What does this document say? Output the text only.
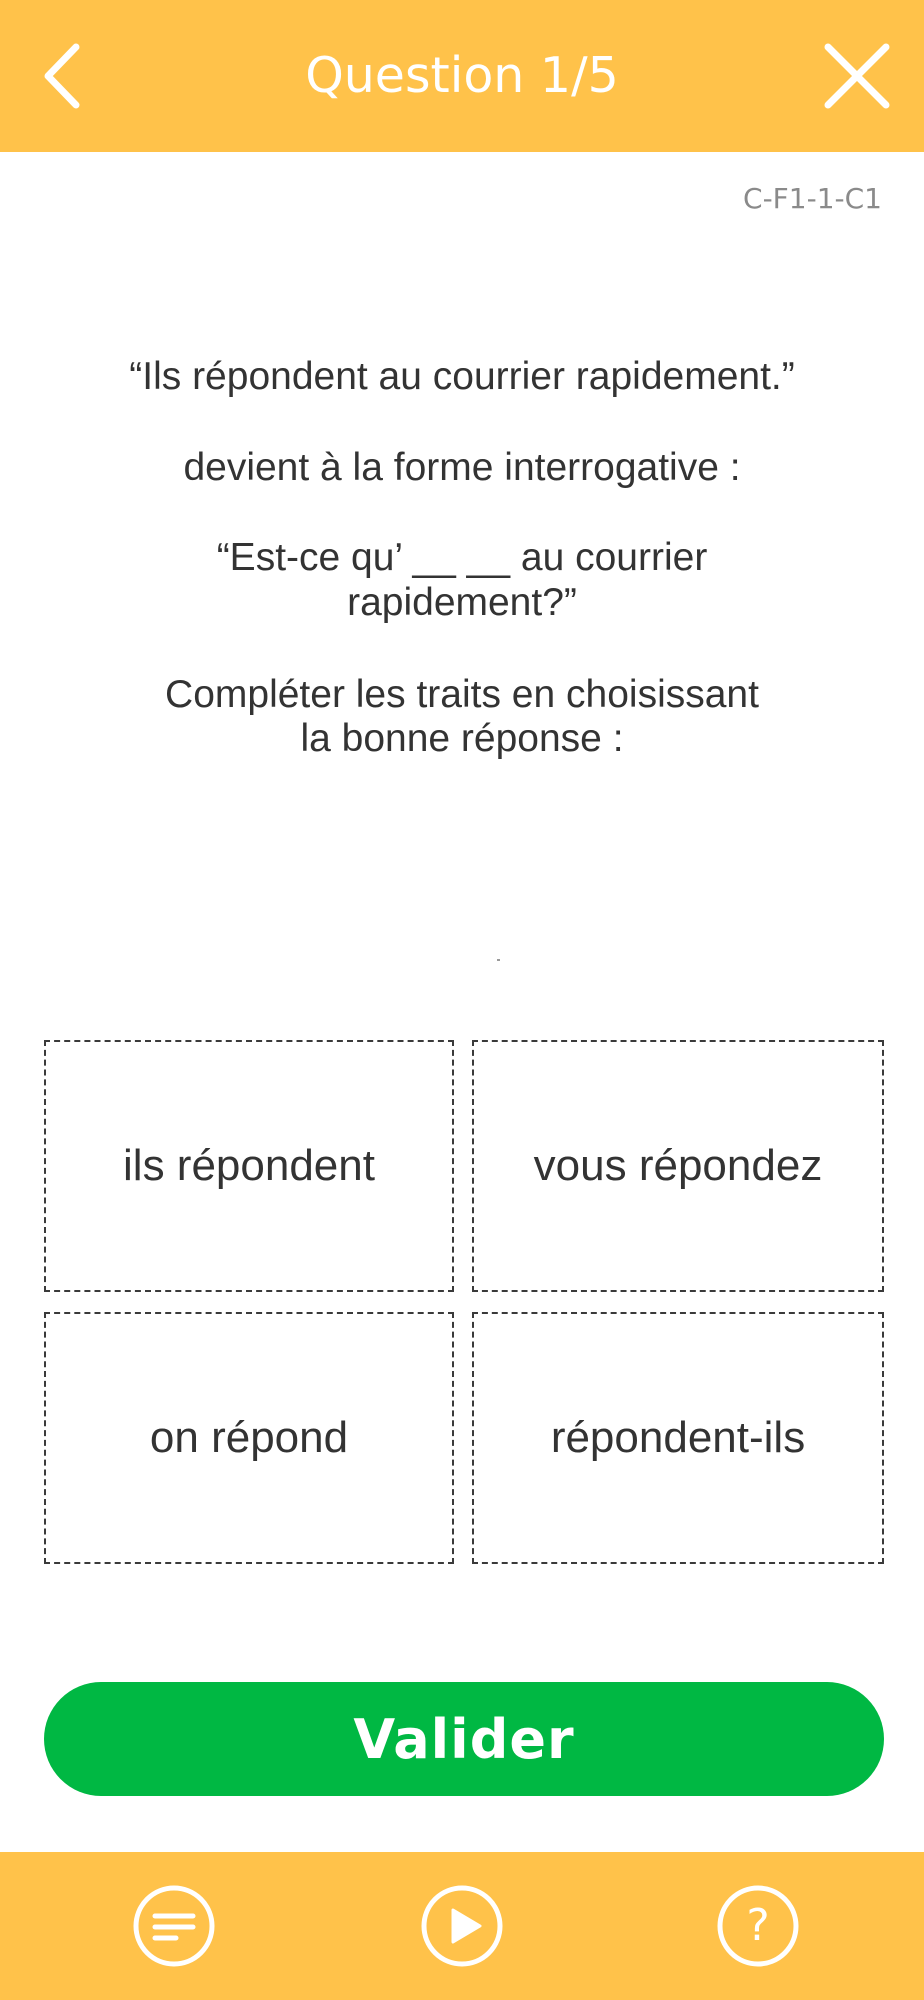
Question 1/5
C-F1-1-C1
“Ils répondent au courrier rapidement.”
devient à la forme interrogative :
“Est-ce qu’ __ __ au courrier
rapidement?”
Compléter les traits en choisissant
la bonne réponse :
ils répondent	vous répondez
on répond	répondent-ils
Valider
?
